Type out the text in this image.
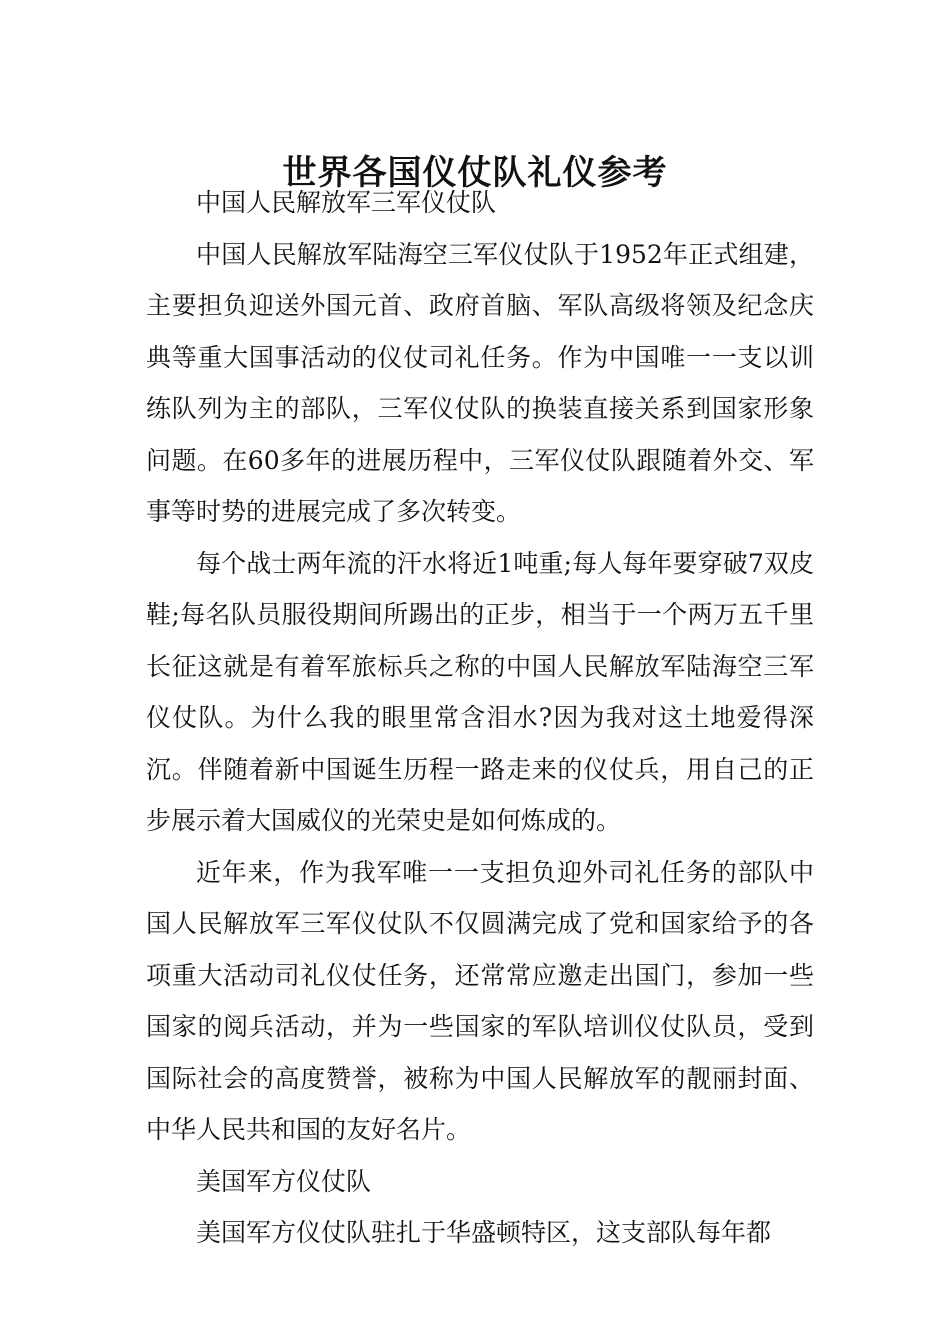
世界各国仪仗队礼仪参考

中国人民解放军三军仪仗队

中国人民解放军陆海空三军仪仗队于1952年正式组建，主要担负迎送外国元首、政府首脑、军队高级将领及纪念庆典等重大国事活动的仪仗司礼任务。作为中国唯一一支以训练队列为主的部队，三军仪仗队的换装直接关系到国家形象问题。在60多年的进展历程中，三军仪仗队跟随着外交、军事等时势的进展完成了多次转变。

每个战士两年流的汗水将近1吨重;每人每年要穿破7双皮鞋;每名队员服役期间所踢出的正步，相当于一个两万五千里长征这就是有着军旅标兵之称的中国人民解放军陆海空三军仪仗队。为什么我的眼里常含泪水?因为我对这土地爱得深沉。伴随着新中国诞生历程一路走来的仪仗兵，用自己的正步展示着大国威仪的光荣史是如何炼成的。

近年来，作为我军唯一一支担负迎外司礼任务的部队中国人民解放军三军仪仗队不仅圆满完成了党和国家给予的各项重大活动司礼仪仗任务，还常常应邀走出国门，参加一些国家的阅兵活动，并为一些国家的军队培训仪仗队员，受到国际社会的高度赞誉，被称为中国人民解放军的靓丽封面、中华人民共和国的友好名片。

美国军方仪仗队

美国军方仪仗队驻扎于华盛顿特区，这支部队每年都
